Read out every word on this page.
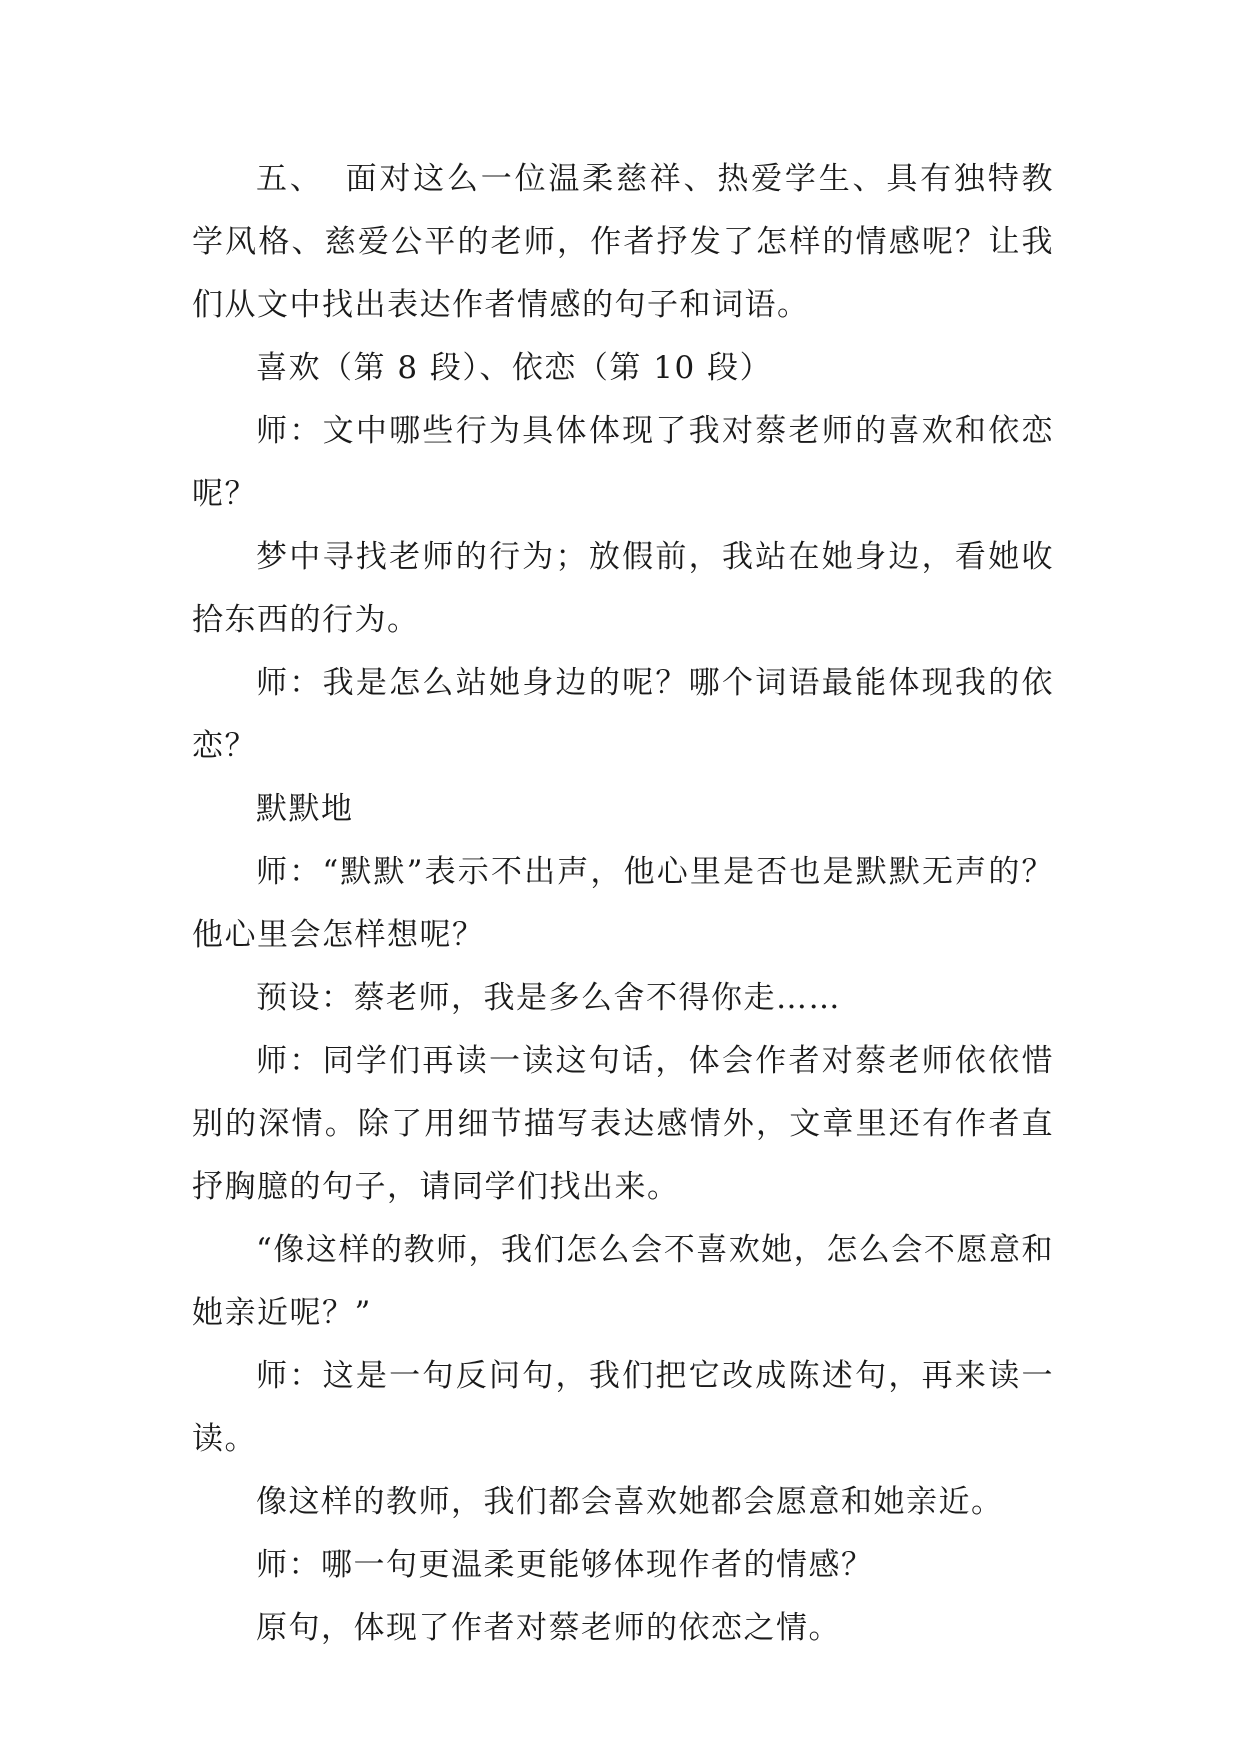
五、 面对这么一位温柔慈祥、热爱学生、具有独特教学风格、慈爱公平的老师，作者抒发了怎样的情感呢？让我们从文中找出表达作者情感的句子和词语。

喜欢（第 8 段）、依恋（第 10 段）

师：文中哪些行为具体体现了我对蔡老师的喜欢和依恋呢？

梦中寻找老师的行为；放假前，我站在她身边，看她收拾东西的行为。

师：我是怎么站她身边的呢？哪个词语最能体现我的依恋？

默默地

师：“默默”表示不出声，他心里是否也是默默无声的？他心里会怎样想呢？

预设：蔡老师，我是多么舍不得你走……

师：同学们再读一读这句话，体会作者对蔡老师依依惜别的深情。除了用细节描写表达感情外，文章里还有作者直抒胸臆的句子，请同学们找出来。

“像这样的教师，我们怎么会不喜欢她，怎么会不愿意和她亲近呢？”

师：这是一句反问句，我们把它改成陈述句，再来读一读。

像这样的教师，我们都会喜欢她都会愿意和她亲近。

师：哪一句更温柔更能够体现作者的情感？

原句，体现了作者对蔡老师的依恋之情。
